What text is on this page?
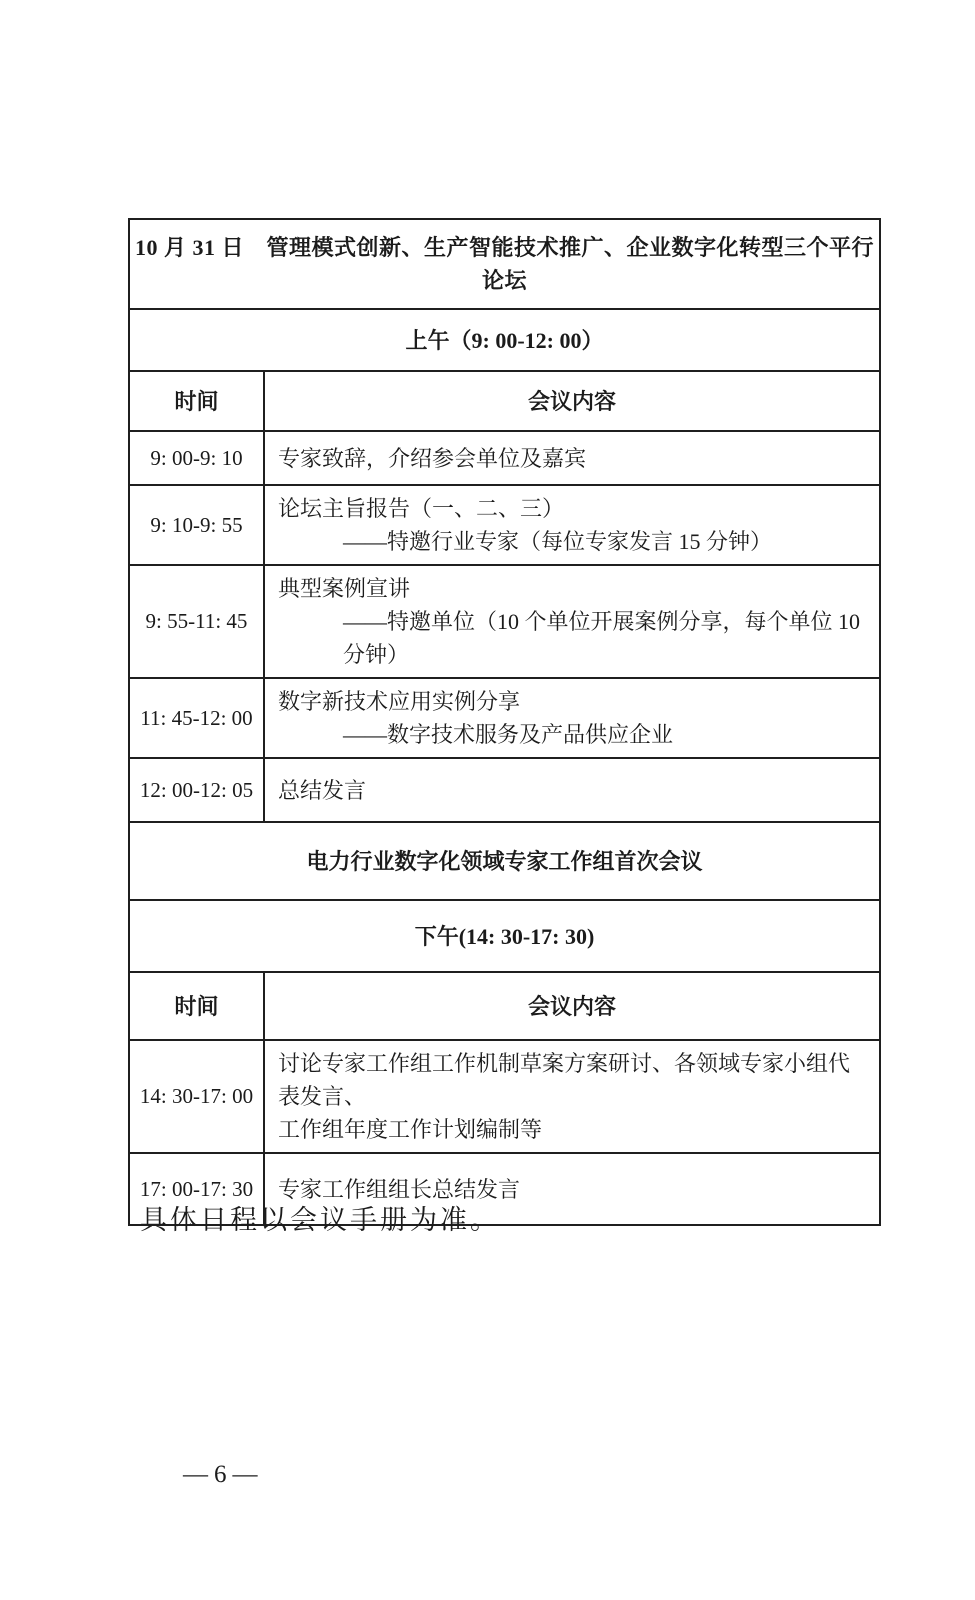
10 月 31 日　管理模式创新、生产智能技术推广、企业数字化转型三个平行论坛	
上午（9: 00-12: 00）	
时间	会议内容
9: 00-9: 10	专家致辞，介绍参会单位及嘉宾

9: 10-9: 55	论坛主旨报告（一、二、三）
——特邀行业专家（每位专家发言 15 分钟）

9: 55-11: 45	典型案例宣讲
——特邀单位（10 个单位开展案例分享，每个单位 10 分钟）

11: 45-12: 00	数字新技术应用实例分享
——数字技术服务及产品供应企业

12: 00-12: 05	总结发言

电力行业数字化领域专家工作组首次会议	
下午(14: 30-17: 30)	
时间	会议内容
14: 30-17: 00	讨论专家工作组工作机制草案方案研讨、各领域专家小组代表发言、
工作组年度工作计划编制等

17: 00-17: 30	专家工作组组长总结发言

具体日程以会议手册为准。

—6—
